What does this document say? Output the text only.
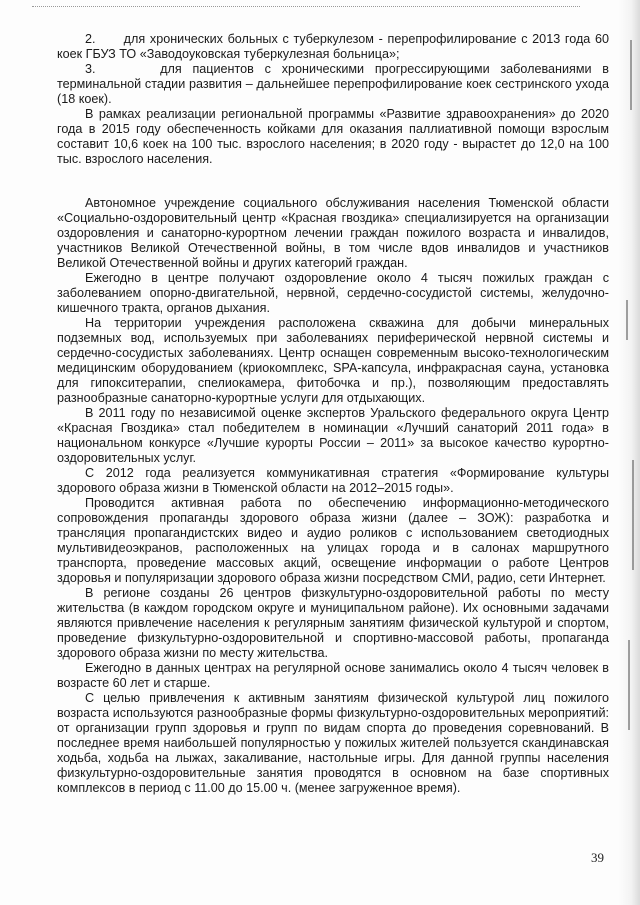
2.      для хронических больных с туберкулезом - перепрофилирование с 2013 года 60 коек ГБУЗ ТО «Заводоуковская туберкулезная больница»;

3.      для пациентов с хроническими прогрессирующими заболеваниями в терминальной стадии развития – дальнейшее перепрофилирование коек сестринского ухода (18 коек).

В рамках реализации региональной программы «Развитие здравоохранения» до 2020 года в 2015 году обеспеченность койками для оказания паллиативной помощи взрослым составит 10,6 коек на 100 тыс. взрослого населения; в 2020 году - вырастет до 12,0 на 100 тыс. взрослого населения.

Автономное учреждение социального обслуживания населения Тюменской области «Социально-оздоровительный центр «Красная гвоздика» специализируется на организации оздоровления и санаторно-курортном лечении граждан пожилого возраста и инвалидов, участников Великой Отечественной войны, в том числе вдов инвалидов и участников Великой Отечественной войны и других категорий граждан.

Ежегодно в центре получают оздоровление около 4 тысяч пожилых граждан с заболеванием опорно-двигательной, нервной, сердечно-сосудистой системы, желудочно-кишечного тракта, органов дыхания.

На территории учреждения расположена скважина для добычи минеральных подземных вод, используемых при заболеваниях периферической нервной системы и сердечно-сосудистых заболеваниях. Центр оснащен современным высоко-технологическим медицинским оборудованием (криокомплекс, SPA-капсула, инфракрасная сауна, установка для гипокситерапии, спелиокамера, фитобочка и пр.), позволяющим предоставлять разнообразные санаторно-курортные услуги для отдыхающих.

В 2011 году по независимой оценке экспертов Уральского федерального округа Центр «Красная Гвоздика» стал победителем в номинации «Лучший санаторий 2011 года» в национальном конкурсе «Лучшие курорты России – 2011» за высокое качество курортно-оздоровительных услуг.

С 2012 года реализуется коммуникативная стратегия «Формирование культуры здорового образа жизни в Тюменской области на 2012–2015 годы».

Проводится активная работа по обеспечению информационно-методического сопровождения пропаганды здорового образа жизни (далее – ЗОЖ): разработка и трансляция пропагандистских видео и аудио роликов с использованием светодиодных мультивидеоэкранов, расположенных на улицах города и в салонах маршрутного транспорта, проведение массовых акций, освещение информации о работе Центров здоровья и популяризации здорового образа жизни посредством СМИ, радио, сети Интернет.

В регионе созданы 26 центров физкультурно-оздоровительной работы по месту жительства (в каждом городском округе и муниципальном районе). Их основными задачами являются привлечение населения к регулярным занятиям физической культурой и спортом, проведение физкультурно-оздоровительной и спортивно-массовой работы, пропаганда здорового образа жизни по месту жительства.

Ежегодно в данных центрах на регулярной основе занимались около 4 тысяч человек в возрасте 60 лет и старше.

С целью привлечения к активным занятиям физической культурой лиц пожилого возраста используются разнообразные формы физкультурно-оздоровительных мероприятий: от организации групп здоровья и групп по видам спорта до проведения соревнований. В последнее время наибольшей популярностью у пожилых жителей пользуется скандинавская ходьба, ходьба на лыжах, закаливание, настольные игры. Для данной группы населения физкультурно-оздоровительные занятия проводятся в основном на базе спортивных комплексов в период с 11.00 до 15.00 ч. (менее загруженное время).

39
